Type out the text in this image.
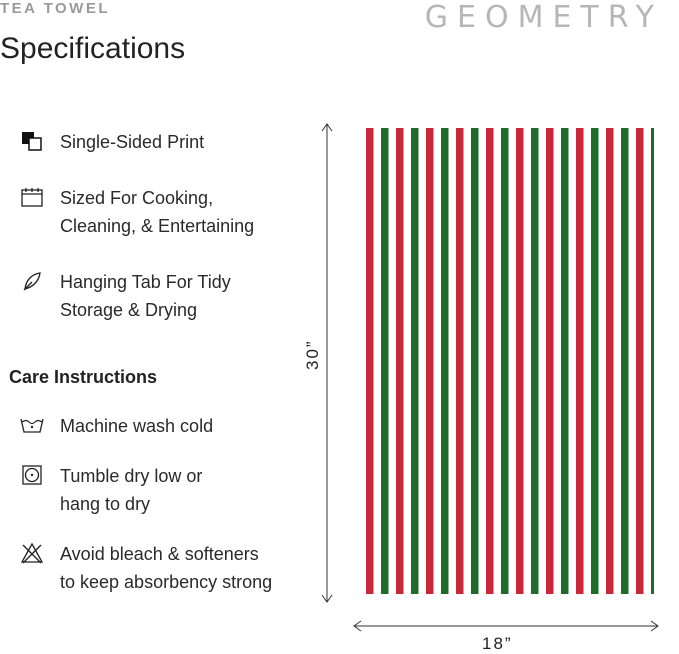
TEA TOWEL	GEOMETRY
Specifications
Single-Sided Print
Sized For Cooking,
Cleaning, & Entertaining
Hanging Tab For Tidy
Storage & Drying
Care Instructions
Machine wash cold
Tumble dry low or
hang to dry
Avoid bleach & softeners
to keep absorbency strong
30”
18”
